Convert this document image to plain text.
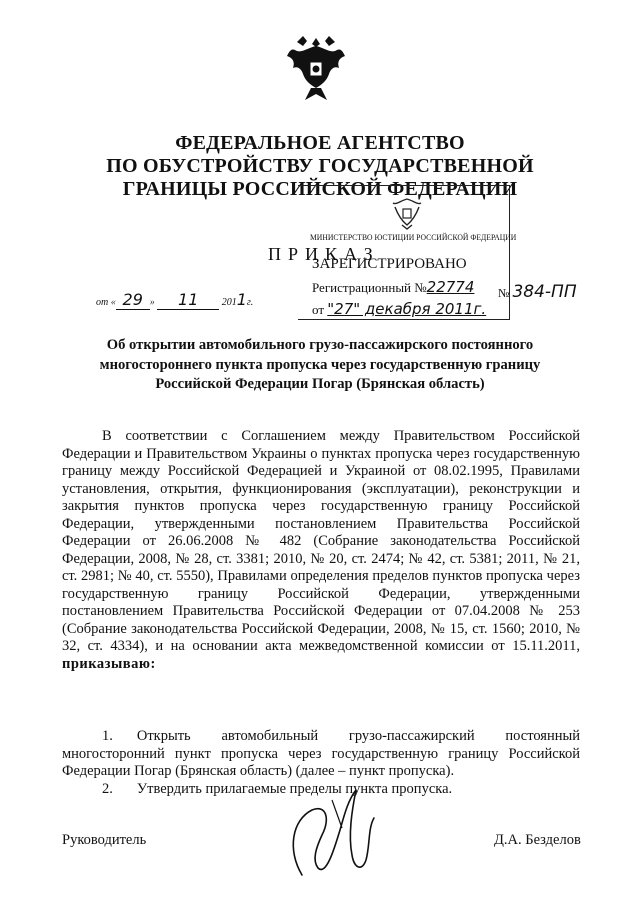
ФЕДЕРАЛЬНОЕ АГЕНТСТВО
ПО ОБУСТРОЙСТВУ ГОСУДАРСТВЕННОЙ
ГРАНИЦЫ РОССИЙСКОЙ ФЕДЕРАЦИИ
МИНИСТЕРСТВО ЮСТИЦИИ РОССИЙСКОЙ ФЕДЕРАЦИИ
ЗАРЕГИСТРИРОВАНО
Регистрационный №22774
от "27" декабря 2011г.
ПРИКАЗ
от « 29 » 11 2011г.
№ 384-ПП
Об открытии автомобильного грузо-пассажирского постоянного многостороннего пункта пропуска через государственную границу Российской Федерации Погар (Брянская область)
В соответствии с Соглашением между Правительством Российской Федерации и Правительством Украины о пунктах пропуска через государственную границу между Российской Федерацией и Украиной от 08.02.1995, Правилами установления, открытия, функционирования (эксплуатации), реконструкции и закрытия пунктов пропуска через государственную границу Российской Федерации, утвержденными постановлением Правительства Российской Федерации от 26.06.2008 № 482 (Собрание законодательства Российской Федерации, 2008, № 28, ст. 3381; 2010, № 20, ст. 2474; № 42, ст. 5381; 2011, № 21, ст. 2981; № 40, ст. 5550), Правилами определения пределов пунктов пропуска через государственную границу Российской Федерации, утвержденными постановлением Правительства Российской Федерации от 07.04.2008 № 253 (Собрание законодательства Российской Федерации, 2008, № 15, ст. 1560; 2010, № 32, ст. 4334), и на основании акта межведомственной комиссии от 15.11.2011, приказываю:
1. Открыть автомобильный грузо-пассажирский постоянный многосторонний пункт пропуска через государственную границу Российской Федерации Погар (Брянская область) (далее – пункт пропуска).
2. Утвердить прилагаемые пределы пункта пропуска.
Руководитель	Д.А. Безделов
